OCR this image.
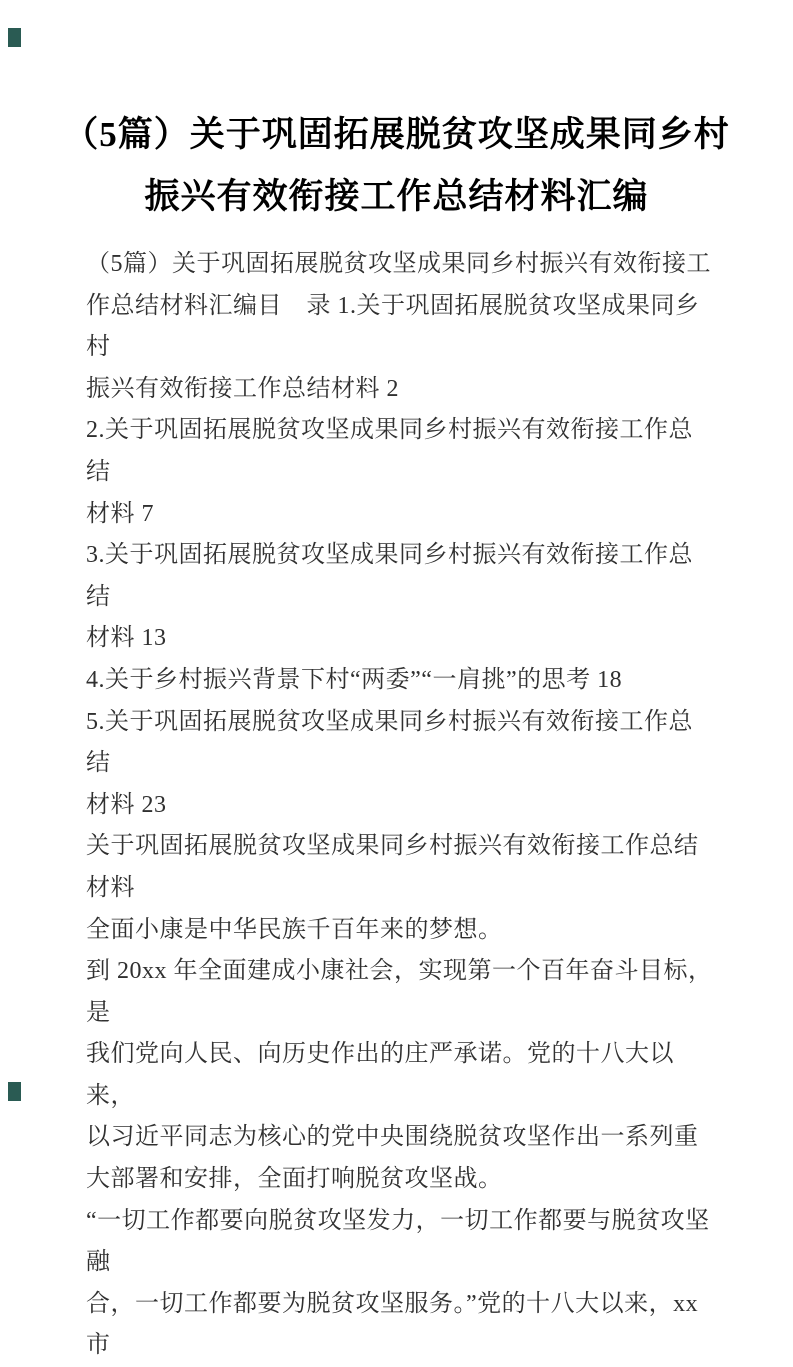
（5篇）关于巩固拓展脱贫攻坚成果同乡村
振兴有效衔接工作总结材料汇编
（5篇）关于巩固拓展脱贫攻坚成果同乡村振兴有效衔接工
作总结材料汇编目　录 1.关于巩固拓展脱贫攻坚成果同乡村
振兴有效衔接工作总结材料 2
2.关于巩固拓展脱贫攻坚成果同乡村振兴有效衔接工作总结
材料 7
3.关于巩固拓展脱贫攻坚成果同乡村振兴有效衔接工作总结
材料 13
4.关于乡村振兴背景下村“两委”“一肩挑”的思考 18
5.关于巩固拓展脱贫攻坚成果同乡村振兴有效衔接工作总结
材料 23
关于巩固拓展脱贫攻坚成果同乡村振兴有效衔接工作总结
材料
全面小康是中华民族千百年来的梦想。
到 20xx 年全面建成小康社会，实现第一个百年奋斗目标，是
我们党向人民、向历史作出的庄严承诺。党的十八大以来，
以习近平同志为核心的党中央围绕脱贫攻坚作出一系列重
大部署和安排，全面打响脱贫攻坚战。
“一切工作都要向脱贫攻坚发力，一切工作都要与脱贫攻坚融
合，一切工作都要为脱贫攻坚服务。”党的十八大以来，xx 市
